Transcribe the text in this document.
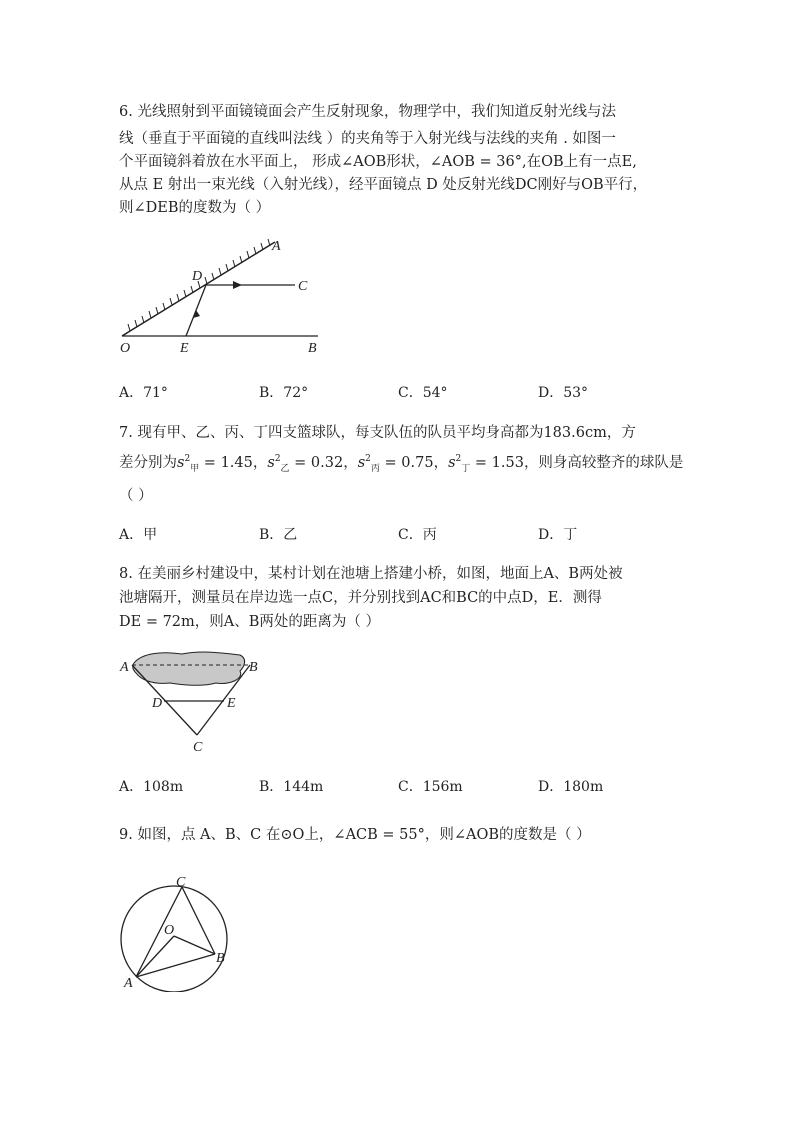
6. 光线照射到平面镜镜面会产生反射现象，物理学中，我们知道反射光线与法
线（垂直于平面镜的直线叫法线 ）的夹角等于入射光线与法线的夹角 . 如图一
个平面镜斜着放在水平面上， 形成∠AOB形状，∠AOB = 36°,在OB上有一点E,
从点 E 射出一束光线（入射光线），经平面镜点 D 处反射光线DC刚好与OB平行，
则∠DEB的度数为（ ）
A
D
C
O	E	B
A．71°	B．72°	C．54°	D．53°
7. 现有甲、乙、丙、丁四支篮球队，每支队伍的队员平均身高都为183.6cm，方
差分别为$s^2_甲 = 1.45$，$s^2_乙 = 0.32$，$s^2_丙 = 0.75$，$s^2_丁 = 1.53$，则身高较整齐的球队是
（ ）
A．甲	B．乙	C．丙	D．丁
8. 在美丽乡村建设中，某村计划在池塘上搭建小桥，如图，地面上A、B两处被
池塘隔开，测量员在岸边选一点C，并分别找到AC和BC的中点D，E．测得
DE = 72m，则A、B两处的距离为（ ）
A	B
D	E
C
A．108m	B．144m	C．156m	D．180m
9. 如图，点 A、B、C 在⊙O上，∠ACB = 55°，则∠AOB的度数是（ ）
C
O
B
A
